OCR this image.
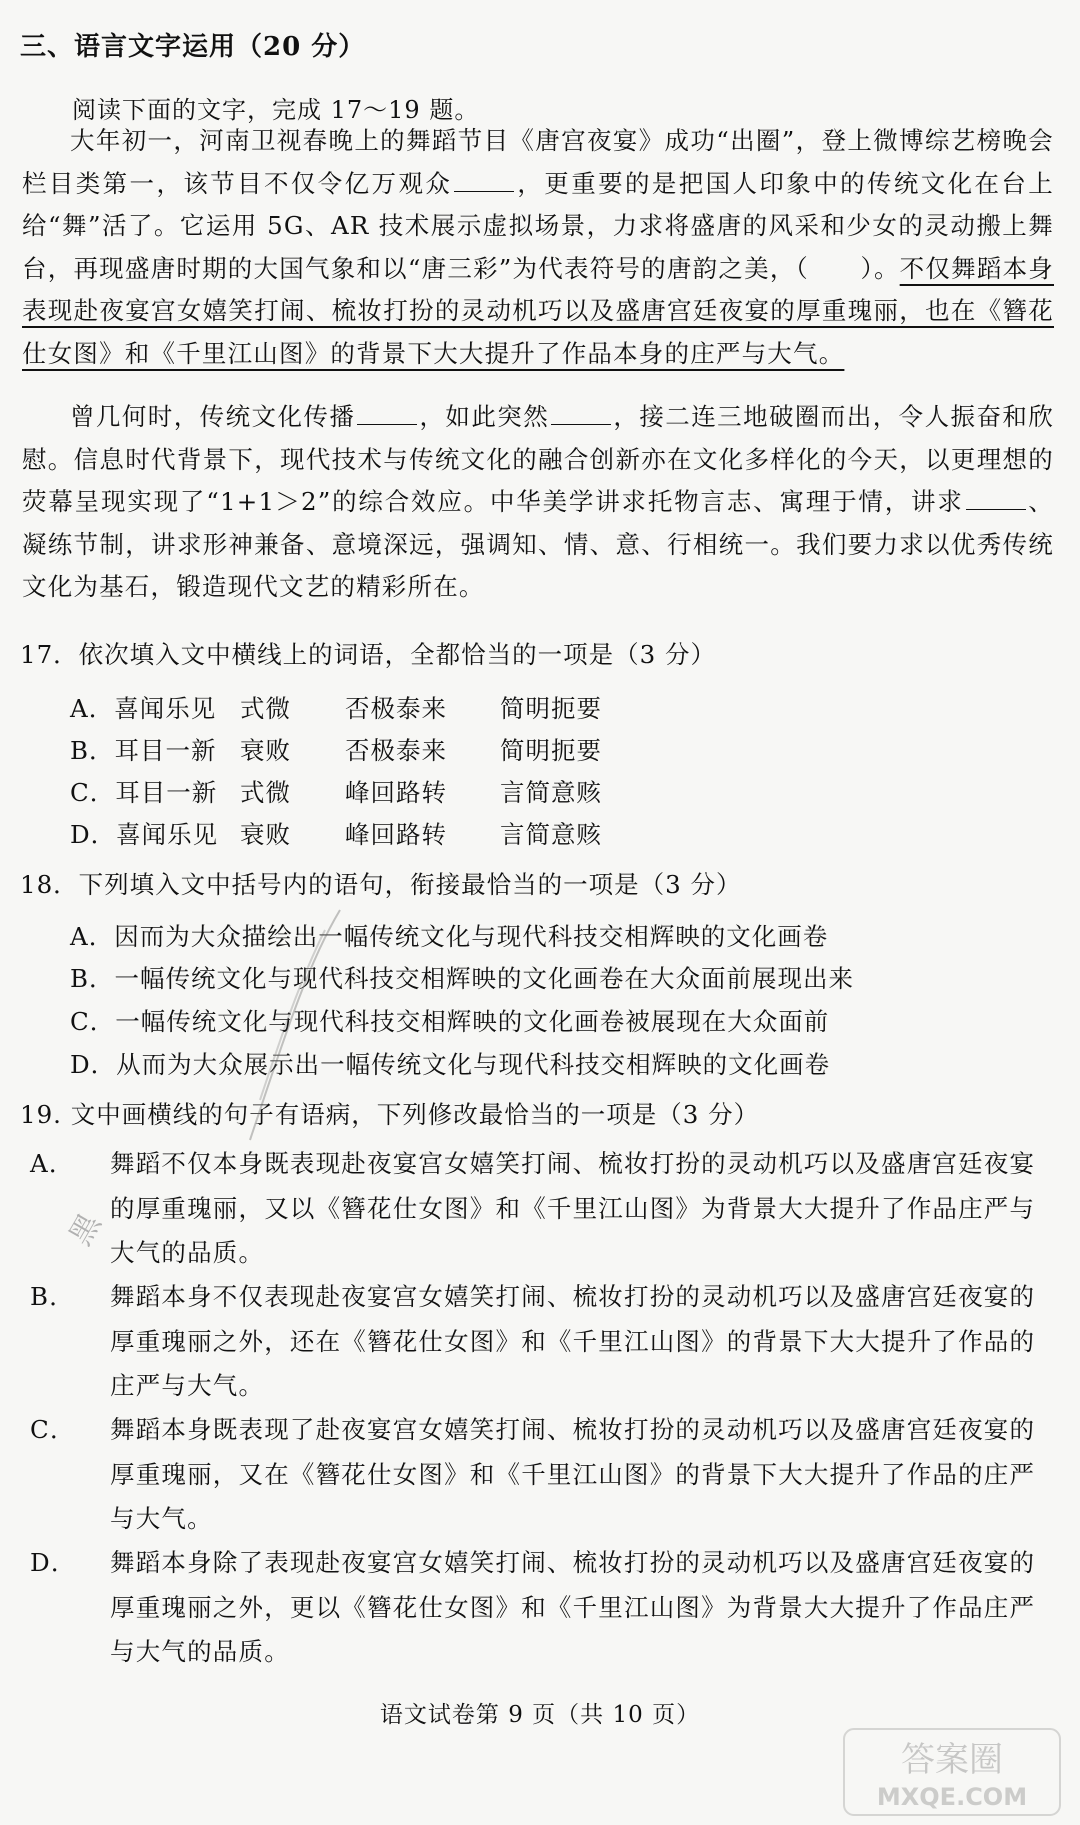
三、语言文字运用（20 分）
阅读下面的文字，完成 17～19 题。
大年初一，河南卫视春晚上的舞蹈节目《唐宫夜宴》成功“出圈”，登上微博综艺榜晚会栏目类第一，该节目不仅令亿万观众	，更重要的是把国人印象中的传统文化在台上给“舞”活了。它运用 5G、AR 技术展示虚拟场景，力求将盛唐的风采和少女的灵动搬上舞台，再现盛唐时期的大国气象和以“唐三彩”为代表符号的唐韵之美，（　　）。不仅舞蹈本身表现赴夜宴宫女嬉笑打闹、梳妆打扮的灵动机巧以及盛唐宫廷夜宴的厚重瑰丽，也在《簪花仕女图》和《千里江山图》的背景下大大提升了作品本身的庄严与大气。
曾几何时，传统文化传播	，如此突然	，接二连三地破圈而出，令人振奋和欣慰。信息时代背景下，现代技术与传统文化的融合创新亦在文化多样化的今天，以更理想的荧幕呈现实现了“1+1＞2”的综合效应。中华美学讲求托物言志、寓理于情，讲求	、凝练节制，讲求形神兼备、意境深远，强调知、情、意、行相统一。我们要力求以优秀传统文化为基石，锻造现代文艺的精彩所在。
17．依次填入文中横线上的词语，全都恰当的一项是（3 分）
A．喜闻乐见 式微 否极泰来 简明扼要
B．耳目一新 衰败 否极泰来 简明扼要
C．耳目一新 式微 峰回路转 言简意赅
D．喜闻乐见 衰败 峰回路转 言简意赅
18．下列填入文中括号内的语句，衔接最恰当的一项是（3 分）
A．因而为大众描绘出一幅传统文化与现代科技交相辉映的文化画卷
B．一幅传统文化与现代科技交相辉映的文化画卷在大众面前展现出来
C．一幅传统文化与现代科技交相辉映的文化画卷被展现在大众面前
D．从而为大众展示出一幅传统文化与现代科技交相辉映的文化画卷
19. 文中画横线的句子有语病，下列修改最恰当的一项是（3 分）
A． 舞蹈不仅本身既表现赴夜宴宫女嬉笑打闹、梳妆打扮的灵动机巧以及盛唐宫廷夜宴的厚重瑰丽，又以《簪花仕女图》和《千里江山图》为背景大大提升了作品庄严与大气的品质。
B． 舞蹈本身不仅表现赴夜宴宫女嬉笑打闹、梳妆打扮的灵动机巧以及盛唐宫廷夜宴的厚重瑰丽之外，还在《簪花仕女图》和《千里江山图》的背景下大大提升了作品的庄严与大气。
C． 舞蹈本身既表现了赴夜宴宫女嬉笑打闹、梳妆打扮的灵动机巧以及盛唐宫廷夜宴的厚重瑰丽，又在《簪花仕女图》和《千里江山图》的背景下大大提升了作品的庄严与大气。
D． 舞蹈本身除了表现赴夜宴宫女嬉笑打闹、梳妆打扮的灵动机巧以及盛唐宫廷夜宴的厚重瑰丽之外，更以《簪花仕女图》和《千里江山图》为背景大大提升了作品庄严与大气的品质。
语文试卷第 9 页（共 10 页）
黑
答案圈
MXQE.COM
